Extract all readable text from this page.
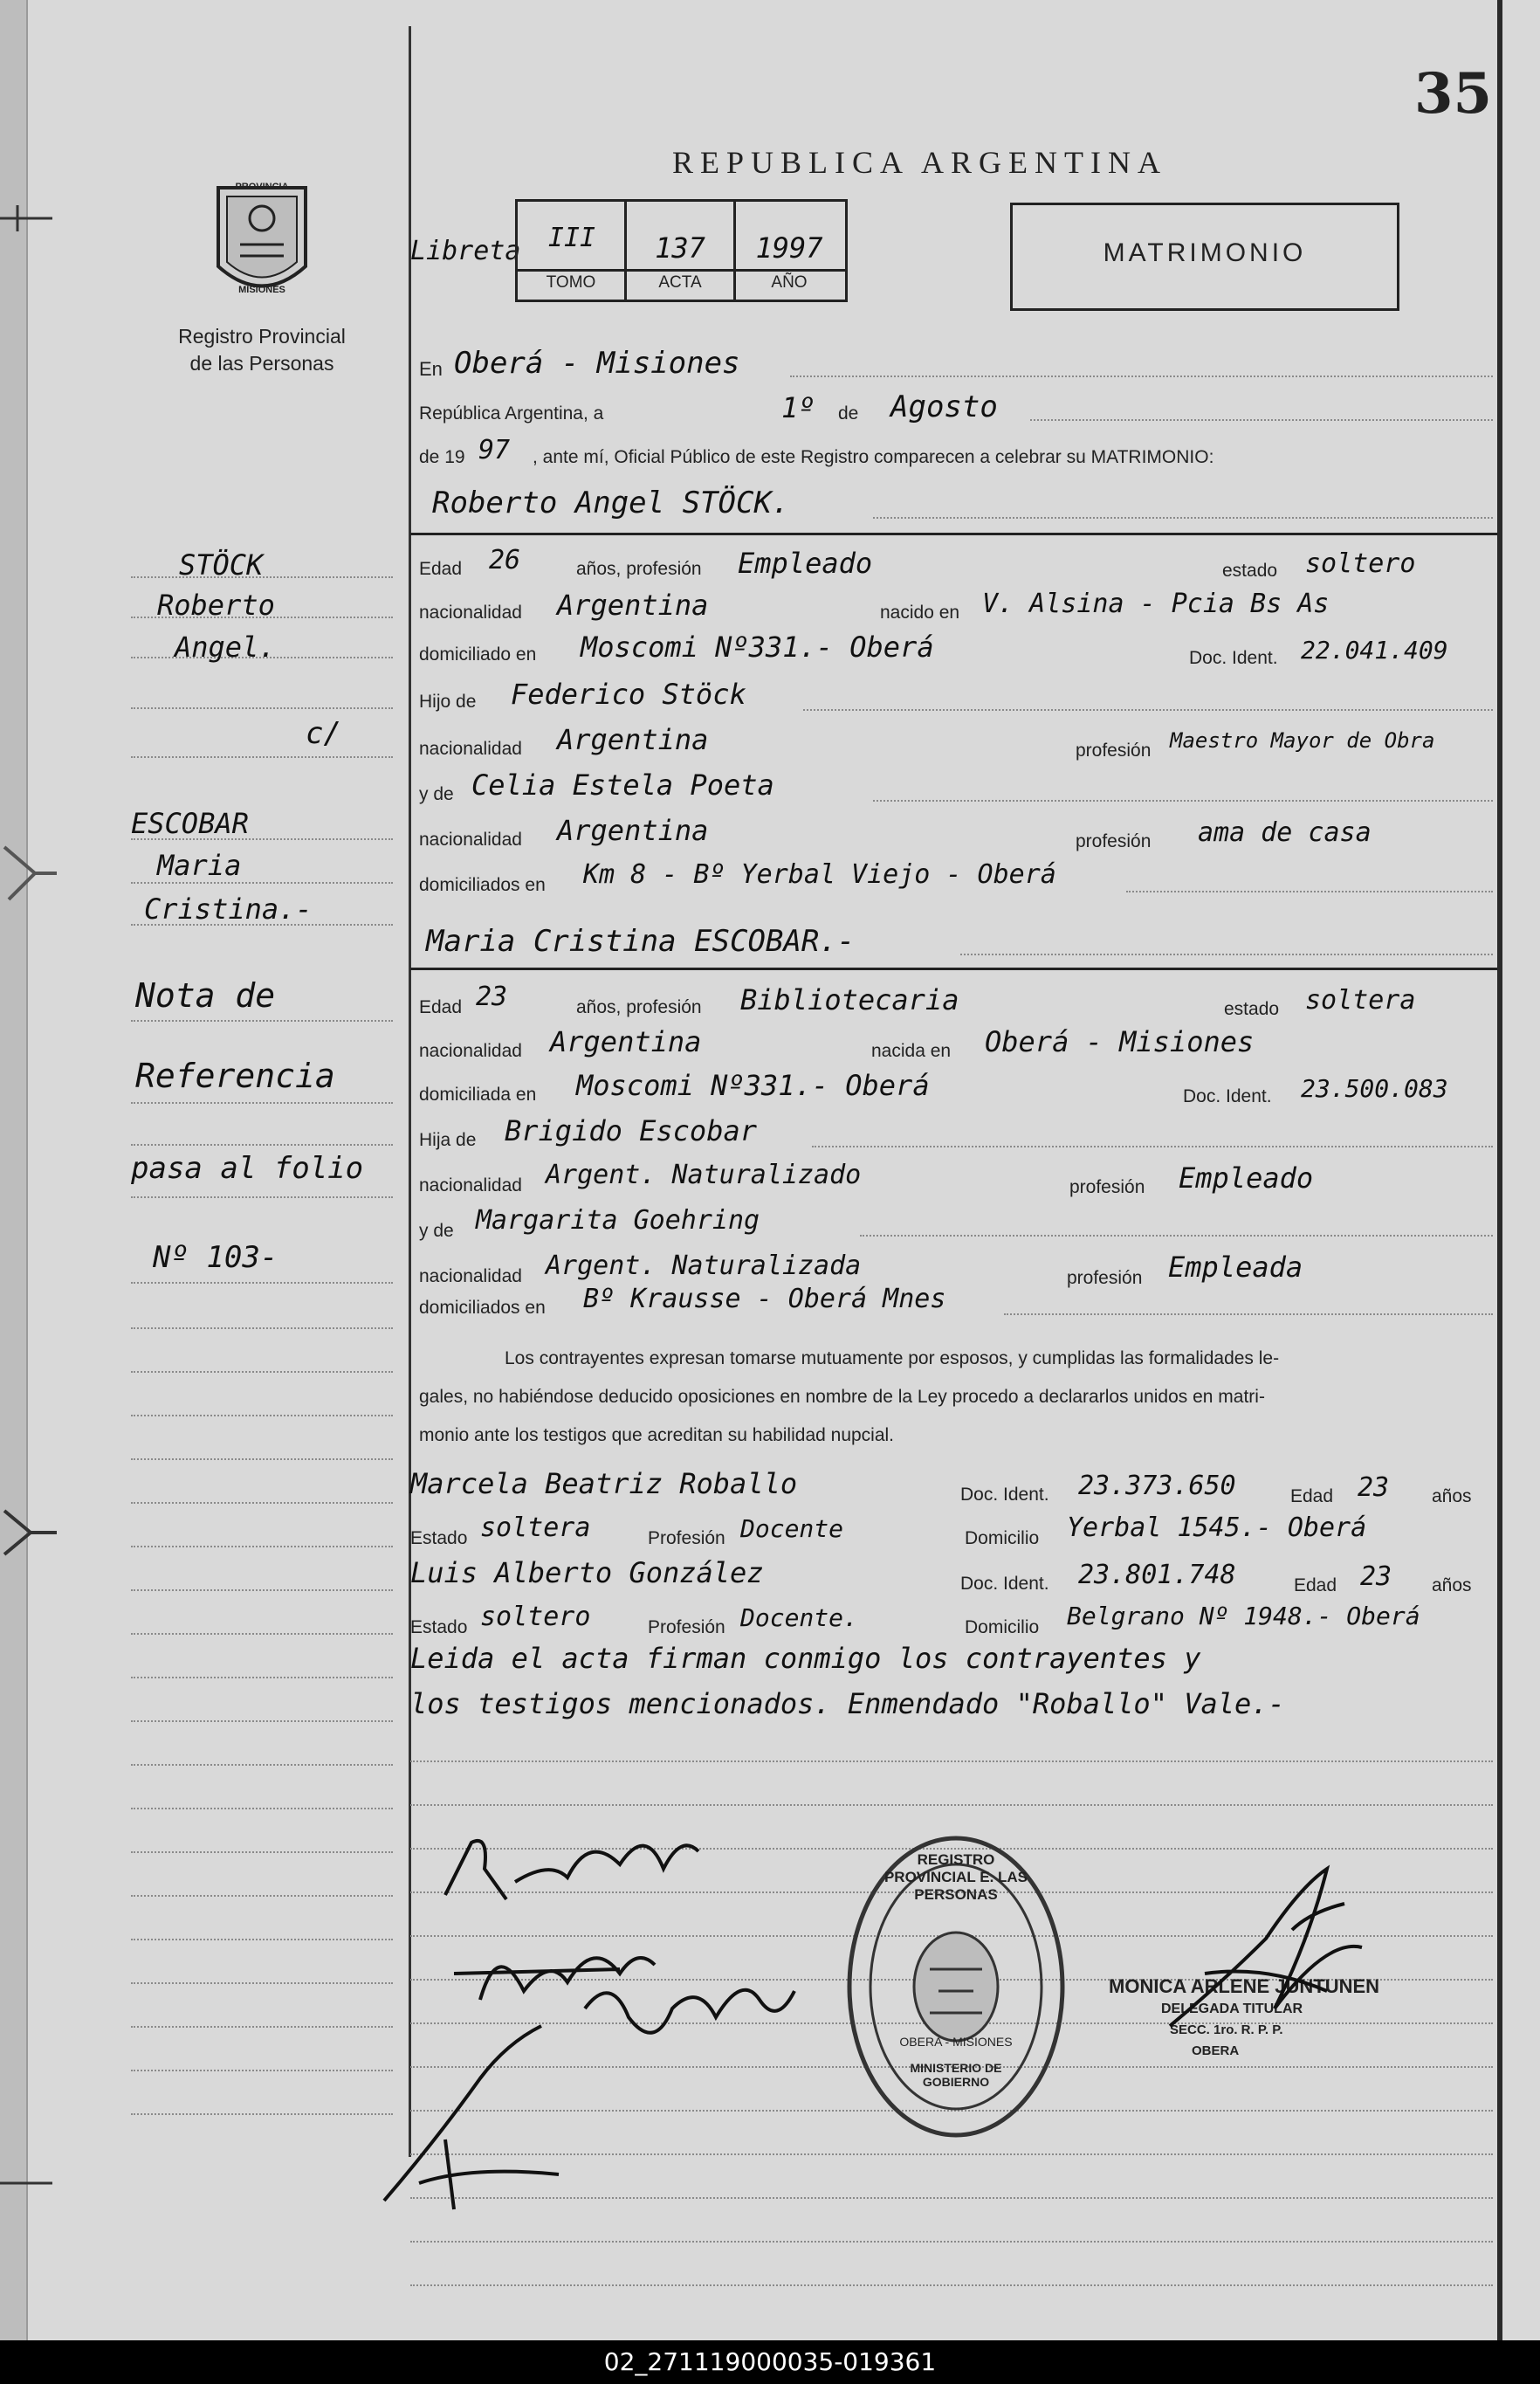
35
REPUBLICA ARGENTINA
PROVINCIA
MISIONES
Registro Provincial
de las Personas
Libreta	III	137	1997
TOMO	ACTA	AÑO
MATRIMONIO
STÖCK
Roberto
Angel.
c/
ESCOBAR
Maria
Cristina.-
Nota de
Referencia
pasa al folio
Nº 103-
En Oberá - Misiones
República Argentina, a	1º de Agosto
de 19 97 , ante mí, Oficial Público de este Registro comparecen a celebrar su MATRIMONIO:
Roberto Angel STÖCK.
Edad 26	años, profesión Empleado	estado soltero
nacionalidad Argentina	nacido en V. Alsina - Pcia Bs As
domiciliado en Moscomi Nº331.- Oberá	Doc. Ident. 22.041.409
Hijo de Federico Stöck
nacionalidad Argentina	profesión Maestro Mayor de Obra
y de Celia Estela Poeta
nacionalidad Argentina	profesión ama de casa
domiciliados en Km 8 - Bº Yerbal Viejo - Oberá
Maria Cristina ESCOBAR.-
Edad 23	años, profesión Bibliotecaria	estado soltera
nacionalidad Argentina	nacida en Oberá - Misiones
domiciliada en Moscomi Nº331.- Oberá	Doc. Ident. 23.500.083
Hija de Brigido Escobar
nacionalidad Argent. Naturalizado	profesión Empleado
y de Margarita Goehring
nacionalidad Argent. Naturalizada	profesión Empleada
domiciliados en Bº Krausse - Oberá Mnes
Los contrayentes expresan tomarse mutuamente por esposos, y cumplidas las formalidades le-
gales, no habiéndose deducido oposiciones en nombre de la Ley procedo a declararlos unidos en matri-
monio ante los testigos que acreditan su habilidad nupcial.
Marcela Beatriz Roballo	Doc. Ident. 23.373.650	Edad 23 años
Estado soltera	Profesión Docente	Domicilio Yerbal 1545.- Oberá
Luis Alberto González	Doc. Ident. 23.801.748	Edad 23 años
Estado soltero	Profesión Docente.	Domicilio Belgrano Nº 1948.- Oberá
Leida el acta firman conmigo los contrayentes y
los testigos mencionados. Enmendado "Roballo" Vale.-
REGISTRO PROVINCIAL E. LAS PERSONAS
MINISTERIO DE GOBIERNO
OBERA - MISIONES
MONICA ARLENE JUNTUNEN
DELEGADA TITULAR
SECC. 1ro. R. P. P.
OBERA
02_271119000035-019361
